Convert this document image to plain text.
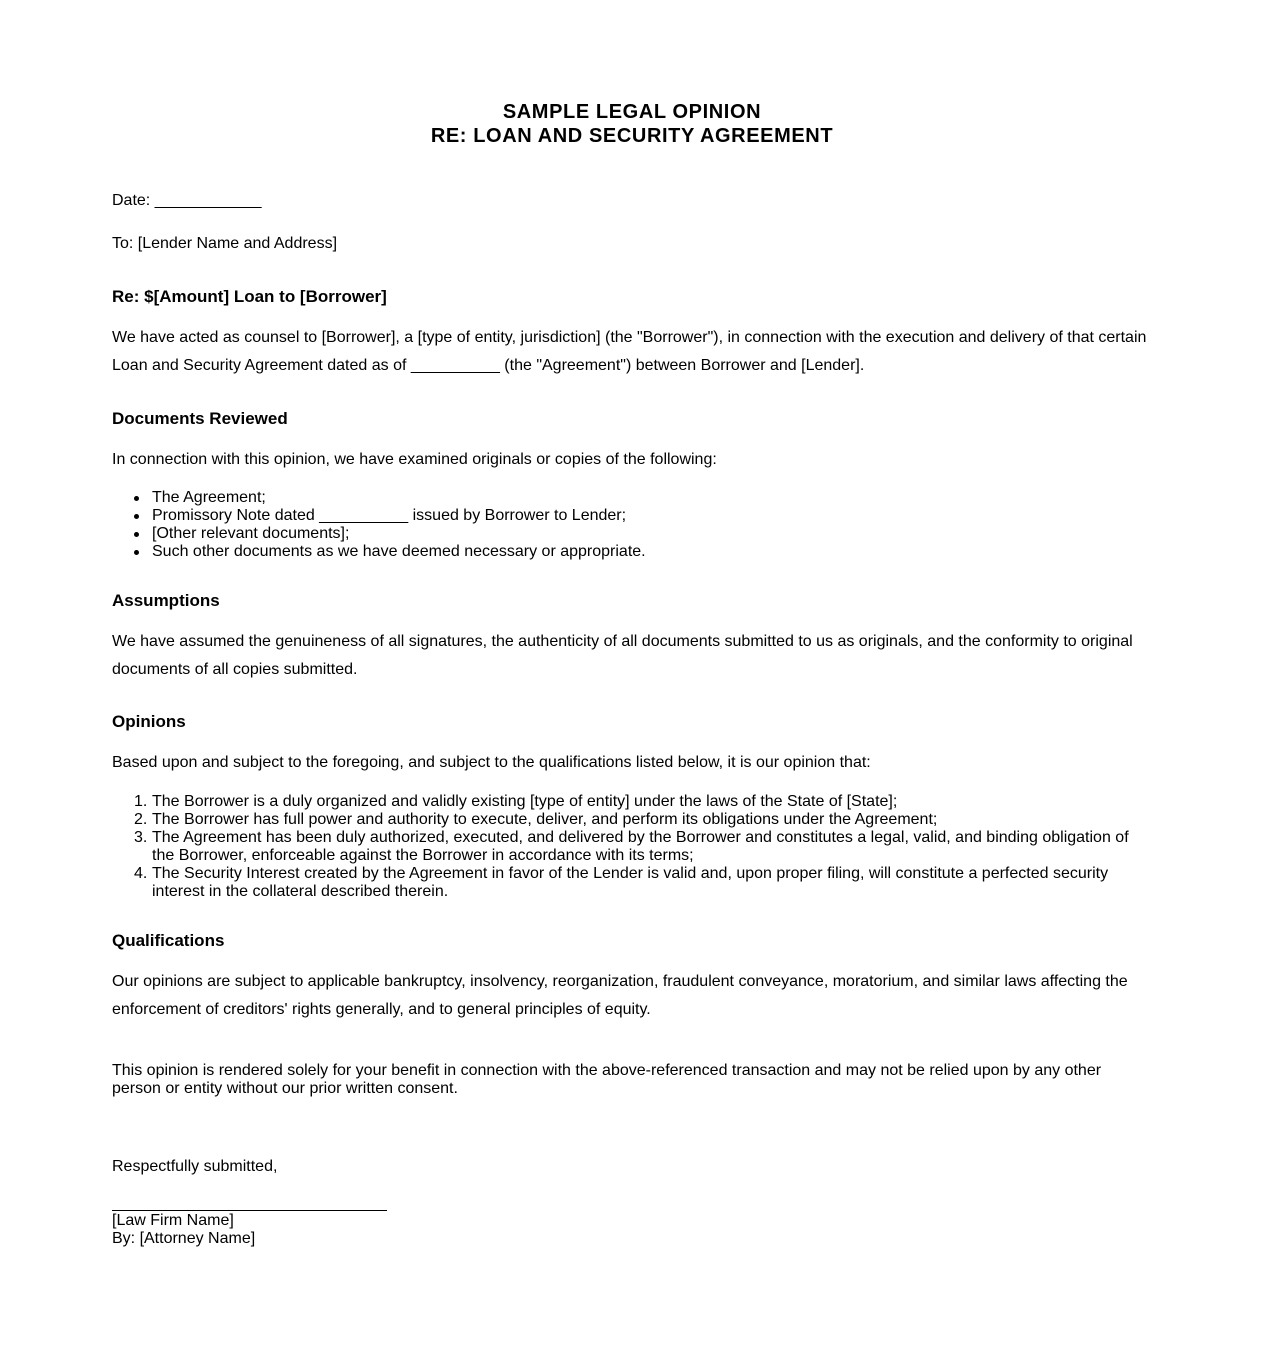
SAMPLE LEGAL OPINION
RE: LOAN AND SECURITY AGREEMENT
Date: ____________
To: [Lender Name and Address]
Re: $[Amount] Loan to [Borrower]
We have acted as counsel to [Borrower], a [type of entity, jurisdiction] (the "Borrower"), in connection with the execution and delivery of that certain Loan and Security Agreement dated as of __________ (the "Agreement") between Borrower and [Lender].
Documents Reviewed
In connection with this opinion, we have examined originals or copies of the following:
The Agreement;
Promissory Note dated __________ issued by Borrower to Lender;
[Other relevant documents];
Such other documents as we have deemed necessary or appropriate.
Assumptions
We have assumed the genuineness of all signatures, the authenticity of all documents submitted to us as originals, and the conformity to original documents of all copies submitted.
Opinions
Based upon and subject to the foregoing, and subject to the qualifications listed below, it is our opinion that:
1. The Borrower is a duly organized and validly existing [type of entity] under the laws of the State of [State];
2. The Borrower has full power and authority to execute, deliver, and perform its obligations under the Agreement;
3. The Agreement has been duly authorized, executed, and delivered by the Borrower and constitutes a legal, valid, and binding obligation of the Borrower, enforceable against the Borrower in accordance with its terms;
4. The Security Interest created by the Agreement in favor of the Lender is valid and, upon proper filing, will constitute a perfected security interest in the collateral described therein.
Qualifications
Our opinions are subject to applicable bankruptcy, insolvency, reorganization, fraudulent conveyance, moratorium, and similar laws affecting the enforcement of creditors' rights generally, and to general principles of equity.
This opinion is rendered solely for your benefit in connection with the above-referenced transaction and may not be relied upon by any other person or entity without our prior written consent.
Respectfully submitted,
[Law Firm Name]
By: [Attorney Name]
